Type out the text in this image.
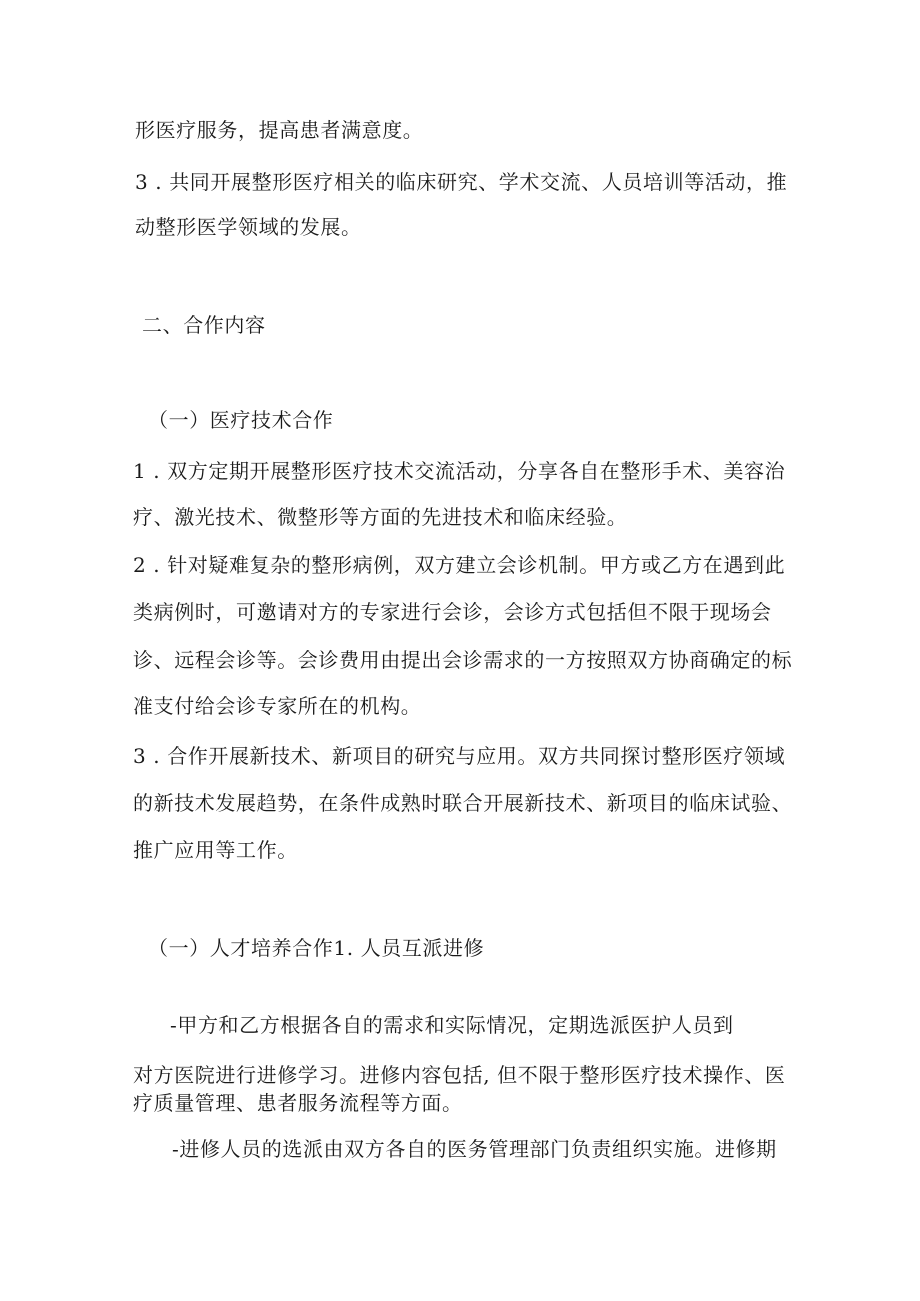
形医疗服务，提高患者满意度。
3 . 共同开展整形医疗相关的临床研究、学术交流、人员培训等活动，推
动整形医学领域的发展。
二、合作内容
（一）医疗技术合作
1 . 双方定期开展整形医疗技术交流活动，分享各自在整形手术、美容治
疗、激光技术、微整形等方面的先进技术和临床经验。
2 . 针对疑难复杂的整形病例，双方建立会诊机制。甲方或乙方在遇到此
类病例时，可邀请对方的专家进行会诊，会诊方式包括但不限于现场会
诊、远程会诊等。会诊费用由提出会诊需求的一方按照双方协商确定的标
准支付给会诊专家所在的机构。
3 . 合作开展新技术、新项目的研究与应用。双方共同探讨整形医疗领域
的新技术发展趋势，在条件成熟时联合开展新技术、新项目的临床试验、
推广应用等工作。
（一）人才培养合作1. 人员互派进修
-甲方和乙方根据各自的需求和实际情况，定期选派医护人员到
对方医院进行进修学习。进修内容包括, 但不限于整形医疗技术操作、医
疗质量管理、患者服务流程等方面。
-进修人员的选派由双方各自的医务管理部门负责组织实施。进修期
